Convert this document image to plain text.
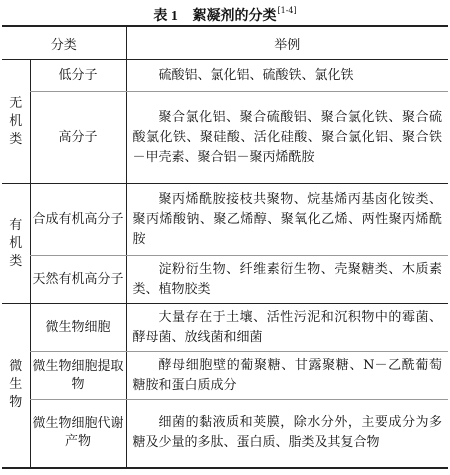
表 1 絮凝剂的分类[1-4]
分类		举例
无机类	低分子	硫酸铝、氯化铝、硫酸铁、氯化铁
	高分子	聚合氯化铝、聚合硫酸铝、聚合氯化铁、聚合硫酸氯化铁、聚硅酸、活化硅酸、聚合氯化铝、聚合铁－甲壳素、聚合铝－聚丙烯酰胺
有机类	合成有机高分子	聚丙烯酰胺接枝共聚物、烷基烯丙基卤化铵类、聚丙烯酸钠、聚乙烯醇、聚氧化乙烯、两性聚丙烯酰胺
	天然有机高分子	淀粉衍生物、纤维素衍生物、壳聚糖类、木质素类、植物胶类
微生物	微生物细胞	大量存在于土壤、活性污泥和沉积物中的霉菌、酵母菌、放线菌和细菌
	微生物细胞提取物	酵母细胞壁的葡聚糖、甘露聚糖、N－乙酰葡萄糖胺和蛋白质成分
	微生物细胞代谢产物	细菌的黏液质和荚膜，除水分外，主要成分为多糖及少量的多肽、蛋白质、脂类及其复合物
